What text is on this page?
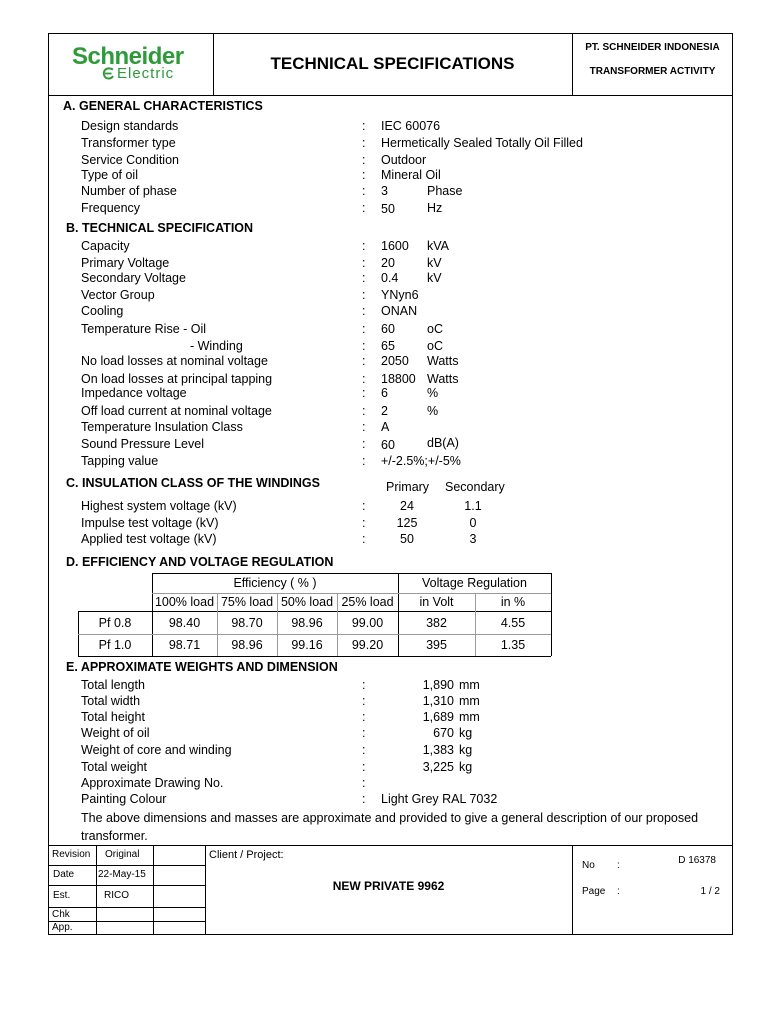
Schneider
Electric
TECHNICAL SPECIFICATIONS
PT. SCHNEIDER INDONESIA
TRANSFORMER ACTIVITY
A. GENERAL CHARACTERISTICS
Design standards	: IEC 60076
Transformer type	: Hermetically Sealed Totally Oil Filled
Service Condition	: Outdoor
Type of oil	: Mineral Oil
Number of phase	: 3	Phase
Frequency	: 50	Hz
B. TECHNICAL SPECIFICATION
Capacity	: 1600 kVA
Primary Voltage	: 20	kV
Secondary Voltage	: 0.4 kV
Vector Group	: YNyn6
Cooling	: ONAN
Temperature Rise - Oil	: 60	oC
- Winding	: 65	oC
No load losses at nominal voltage	: 2050 Watts
On load losses at principal tapping	: 18800 Watts
Impedance voltage	: 6	%
Off load current at nominal voltage	: 2	%
Temperature Insulation Class	: A
Sound Pressure Level	: 60	dB(A)
Tapping value	: +/-2.5%;+/-5%
C. INSULATION CLASS OF THE WINDINGS	Primary Secondary
Highest system voltage (kV)	:	24	1.1
Impulse test voltage (kV)	:	125	0
Applied test voltage (kV)	:	50	3
D. EFFICIENCY AND VOLTAGE REGULATION
Efficiency ( % )	Voltage Regulation
100% load 75% load 50% load 25% load	in Volt	in %
Pf 0.8	98.40	98.70	98.96	99.00	382	4.55
Pf 1.0	98.71	98.96	99.16	99.20	395	1.35
E. APPROXIMATE WEIGHTS AND DIMENSION
Total length	:	1,890 mm
Total width	:	1,310 mm
Total height	:	1,689 mm
Weight of oil	:	670 kg
Weight of core and winding	:	1,383 kg
Total weight	:	3,225 kg
Approximate Drawing No.	:
Painting Colour	: Light Grey RAL 7032
The above dimensions and masses are approximate and provided to give a general description of our proposed
transformer.
Revision Original
Date 22-May-15
Est.	RICO
Chk
App.
Client / Project:
NEW PRIVATE 9962
No :	D 16378
Page :	1 / 2
